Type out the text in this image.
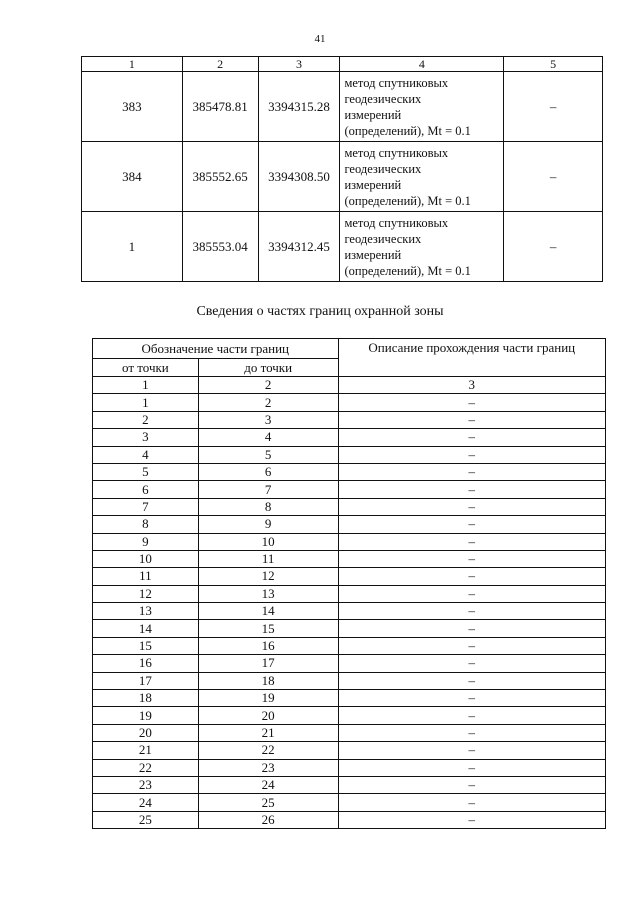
41
1	2	3	4	5
383	385478.81	3394315.28	метод спутниковых
геодезических
измерений
(определений), Mt = 0.1	–
384	385552.65	3394308.50	метод спутниковых
геодезических
измерений
(определений), Mt = 0.1	–
1	385553.04	3394312.45	метод спутниковых
геодезических
измерений
(определений), Mt = 0.1	–
Сведения о частях границ охранной зоны
Обозначение части границ		Описание прохождения части границ
от точки	до точки	
1	2	3
1	2	–
2	3	–
3	4	–
4	5	–
5	6	–
6	7	–
7	8	–
8	9	–
9	10	–
10	11	–
11	12	–
12	13	–
13	14	–
14	15	–
15	16	–
16	17	–
17	18	–
18	19	–
19	20	–
20	21	–
21	22	–
22	23	–
23	24	–
24	25	–
25	26	–
